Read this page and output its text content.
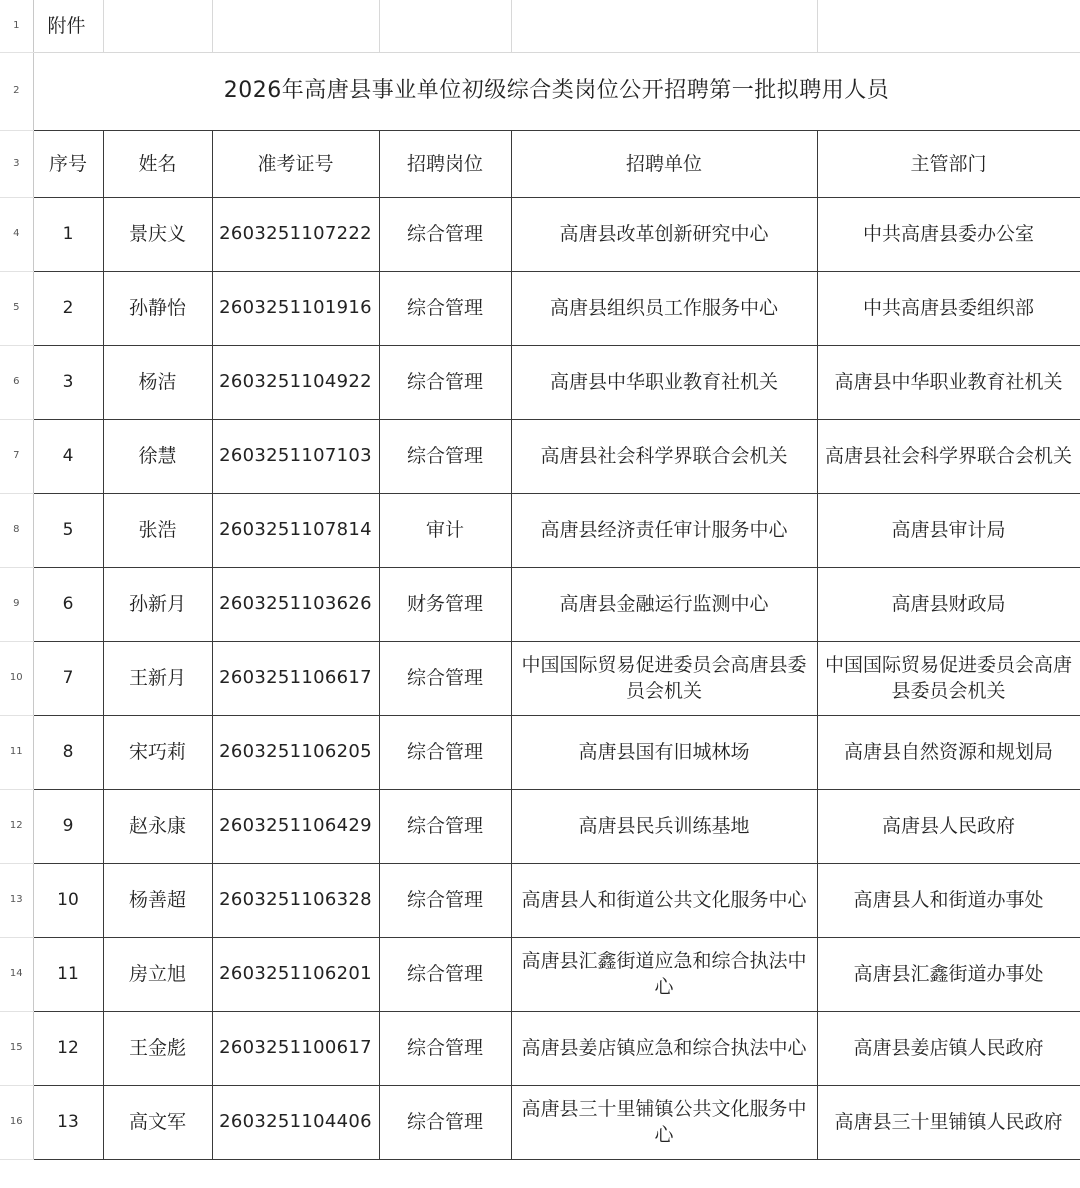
1	附件					
2	2026年高唐县事业单位初级综合类岗位公开招聘第一批拟聘用人员					
3	序号	姓名	准考证号	招聘岗位	招聘单位	主管部门
4	1	景庆义	2603251107222	综合管理	高唐县改革创新研究中心	中共高唐县委办公室
5	2	孙静怡	2603251101916	综合管理	高唐县组织员工作服务中心	中共高唐县委组织部
6	3	杨洁	2603251104922	综合管理	高唐县中华职业教育社机关	高唐县中华职业教育社机关
7	4	徐慧	2603251107103	综合管理	高唐县社会科学界联合会机关	高唐县社会科学界联合会机关
8	5	张浩	2603251107814	审计	高唐县经济责任审计服务中心	高唐县审计局
9	6	孙新月	2603251103626	财务管理	高唐县金融运行监测中心	高唐县财政局
10	7	王新月	2603251106617	综合管理	中国国际贸易促进委员会高唐县委员会机关	中国国际贸易促进委员会高唐县委员会机关
11	8	宋巧莉	2603251106205	综合管理	高唐县国有旧城林场	高唐县自然资源和规划局
12	9	赵永康	2603251106429	综合管理	高唐县民兵训练基地	高唐县人民政府
13	10	杨善超	2603251106328	综合管理	高唐县人和街道公共文化服务中心	高唐县人和街道办事处
14	11	房立旭	2603251106201	综合管理	高唐县汇鑫街道应急和综合执法中心	高唐县汇鑫街道办事处
15	12	王金彪	2603251100617	综合管理	高唐县姜店镇应急和综合执法中心	高唐县姜店镇人民政府
16	13	高文军	2603251104406	综合管理	高唐县三十里铺镇公共文化服务中心	高唐县三十里铺镇人民政府
